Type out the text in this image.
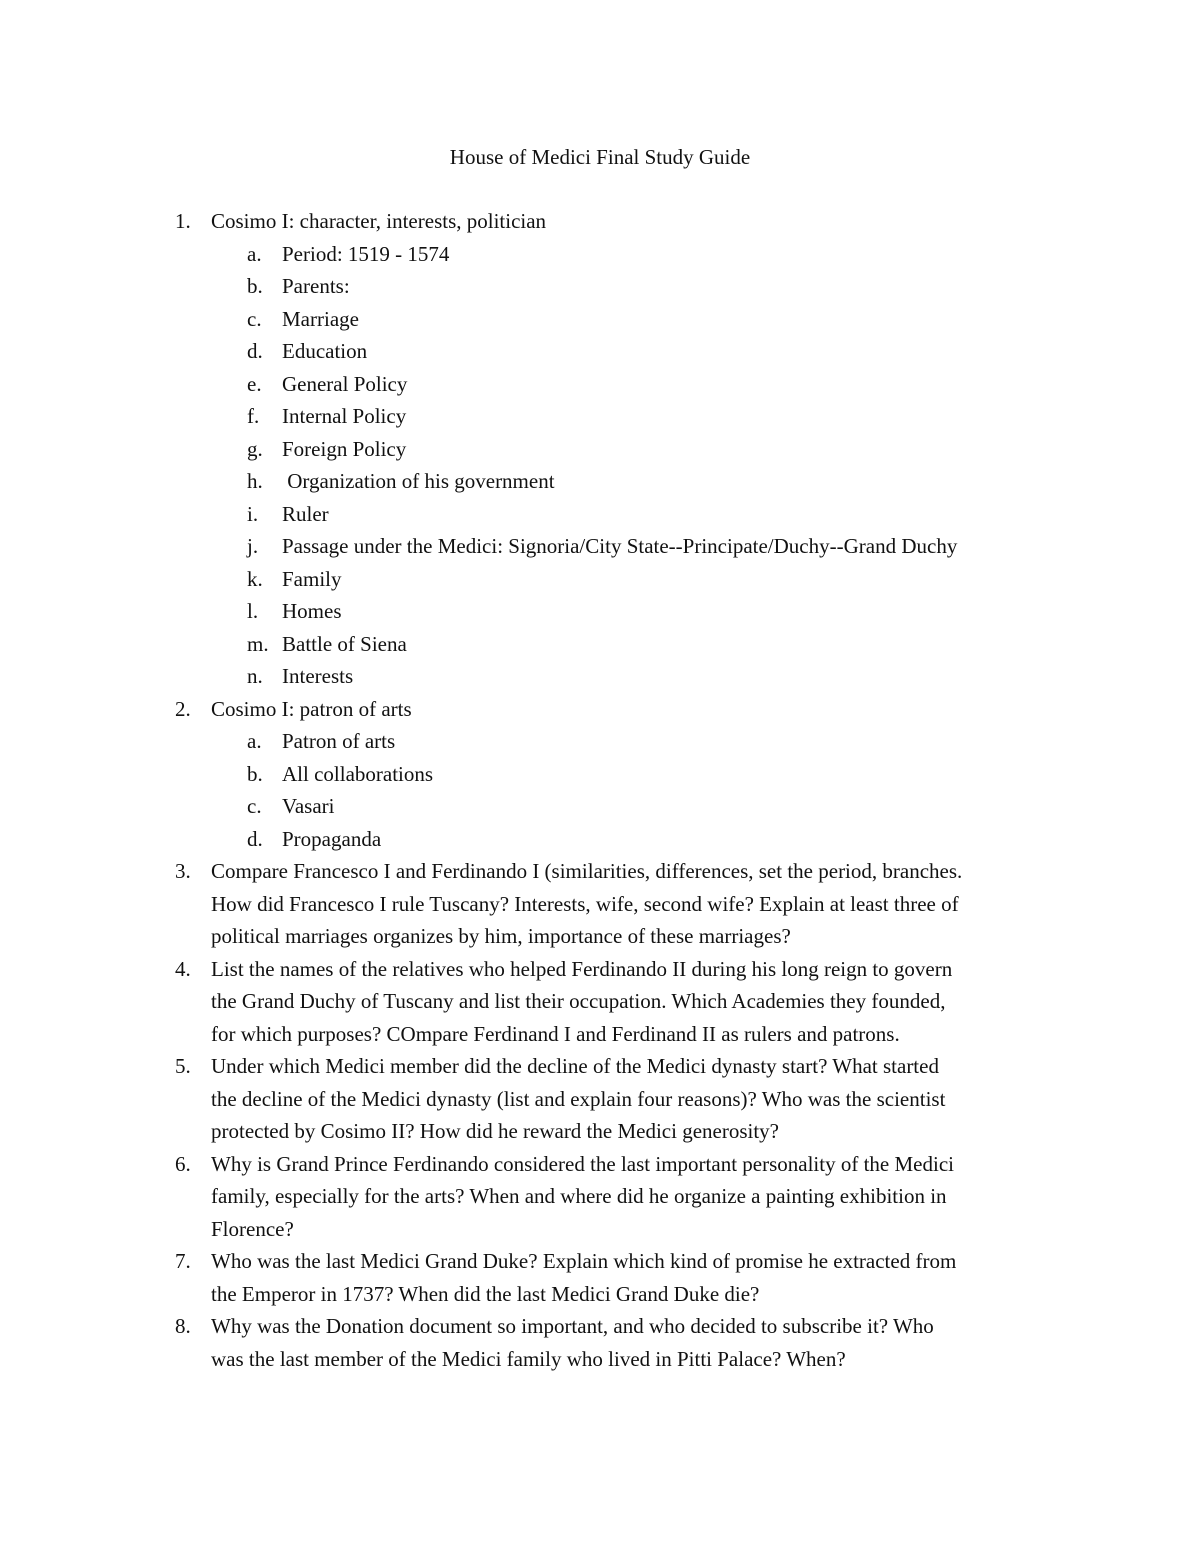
House of Medici Final Study Guide
1. Cosimo I: character, interests, politician
a. Period: 1519 - 1574
b. Parents:
c. Marriage
d. Education
e. General Policy
f. Internal Policy
g. Foreign Policy
h. Organization of his government
i. Ruler
j. Passage under the Medici: Signoria/City State--Principate/Duchy--Grand Duchy
k. Family
l. Homes
m. Battle of Siena
n. Interests
2. Cosimo I: patron of arts
a. Patron of arts
b. All collaborations
c. Vasari
d. Propaganda
3. Compare Francesco I and Ferdinando I (similarities, differences, set the period, branches.
How did Francesco I rule Tuscany? Interests, wife, second wife? Explain at least three of
political marriages organizes by him, importance of these marriages?
4. List the names of the relatives who helped Ferdinando II during his long reign to govern
the Grand Duchy of Tuscany and list their occupation. Which Academies they founded,
for which purposes? COmpare Ferdinand I and Ferdinand II as rulers and patrons.
5. Under which Medici member did the decline of the Medici dynasty start? What started
the decline of the Medici dynasty (list and explain four reasons)? Who was the scientist
protected by Cosimo II? How did he reward the Medici generosity?
6. Why is Grand Prince Ferdinando considered the last important personality of the Medici
family, especially for the arts? When and where did he organize a painting exhibition in
Florence?
7. Who was the last Medici Grand Duke? Explain which kind of promise he extracted from
the Emperor in 1737? When did the last Medici Grand Duke die?
8. Why was the Donation document so important, and who decided to subscribe it? Who
was the last member of the Medici family who lived in Pitti Palace? When?
